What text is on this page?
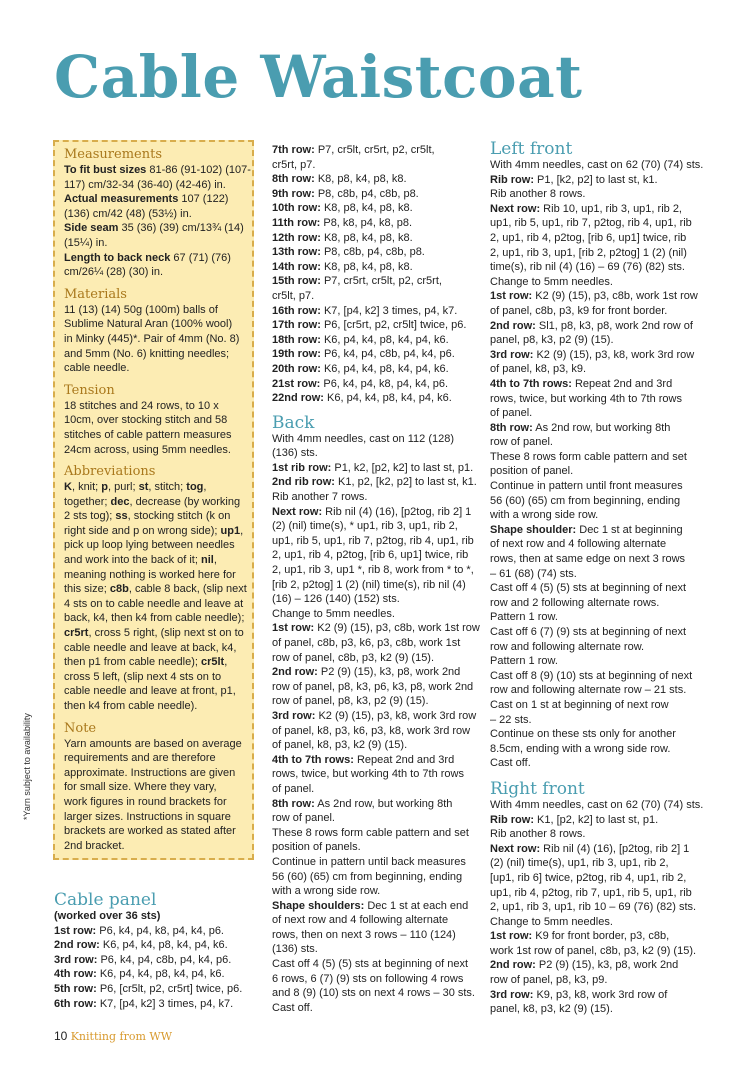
Cable Waistcoat
Measurements
To fit bust sizes 81-86 (91-102) (107-
117) cm/32-34 (36-40) (42-46) in.
Actual measurements 107 (122)
(136) cm/42 (48) (53½) in.
Side seam 35 (36) (39) cm/13¾ (14)
(15¼) in.
Length to back neck 67 (71) (76)
cm/26¼ (28) (30) in.
Materials
11 (13) (14) 50g (100m) balls of
Sublime Natural Aran (100% wool)
in Minky (445)*. Pair of 4mm (No. 8)
and 5mm (No. 6) knitting needles;
cable needle.
Tension
18 stitches and 24 rows, to 10 x
10cm, over stocking stitch and 58
stitches of cable pattern measures
24cm across, using 5mm needles.
Abbreviations
K, knit; p, purl; st, stitch; tog,
together; dec, decrease (by working
2 sts tog); ss, stocking stitch (k on
right side and p on wrong side); up1,
pick up loop lying between needles
and work into the back of it; nil,
meaning nothing is worked here for
this size; c8b, cable 8 back, (slip next
4 sts on to cable needle and leave at
back, k4, then k4 from cable needle);
cr5rt, cross 5 right, (slip next st on to
cable needle and leave at back, k4,
then p1 from cable needle); cr5lt,
cross 5 left, (slip next 4 sts on to
cable needle and leave at front, p1,
then k4 from cable needle).
Note
Yarn amounts are based on average
requirements and are therefore
approximate. Instructions are given
for small size. Where they vary,
work figures in round brackets for
larger sizes. Instructions in square
brackets are worked as stated after
2nd bracket.
*Yarn subject to availability
Cable panel
(worked over 36 sts)
1st row: P6, k4, p4, k8, p4, k4, p6.
2nd row: K6, p4, k4, p8, k4, p4, k6.
3rd row: P6, k4, p4, c8b, p4, k4, p6.
4th row: K6, p4, k4, p8, k4, p4, k6.
5th row: P6, [cr5lt, p2, cr5rt] twice, p6.
6th row: K7, [p4, k2] 3 times, p4, k7.
7th row: P7, cr5lt, cr5rt, p2, cr5lt,
cr5rt, p7.
8th row: K8, p8, k4, p8, k8.
9th row: P8, c8b, p4, c8b, p8.
10th row: K8, p8, k4, p8, k8.
11th row: P8, k8, p4, k8, p8.
12th row: K8, p8, k4, p8, k8.
13th row: P8, c8b, p4, c8b, p8.
14th row: K8, p8, k4, p8, k8.
15th row: P7, cr5rt, cr5lt, p2, cr5rt,
cr5lt, p7.
16th row: K7, [p4, k2] 3 times, p4, k7.
17th row: P6, [cr5rt, p2, cr5lt] twice, p6.
18th row: K6, p4, k4, p8, k4, p4, k6.
19th row: P6, k4, p4, c8b, p4, k4, p6.
20th row: K6, p4, k4, p8, k4, p4, k6.
21st row: P6, k4, p4, k8, p4, k4, p6.
22nd row: K6, p4, k4, p8, k4, p4, k6.
Back
With 4mm needles, cast on 112 (128)
(136) sts.
1st rib row: P1, k2, [p2, k2] to last st, p1.
2nd rib row: K1, p2, [k2, p2] to last st, k1.
Rib another 7 rows.
Next row: Rib nil (4) (16), [p2tog, rib 2] 1
(2) (nil) time(s), * up1, rib 3, up1, rib 2,
up1, rib 5, up1, rib 7, p2tog, rib 4, up1, rib
2, up1, rib 4, p2tog, [rib 6, up1] twice, rib
2, up1, rib 3, up1 *, rib 8, work from * to *,
[rib 2, p2tog] 1 (2) (nil) time(s), rib nil (4)
(16) – 126 (140) (152) sts.
Change to 5mm needles.
1st row: K2 (9) (15), p3, c8b, work 1st row
of panel, c8b, p3, k6, p3, c8b, work 1st
row of panel, c8b, p3, k2 (9) (15).
2nd row: P2 (9) (15), k3, p8, work 2nd
row of panel, p8, k3, p6, k3, p8, work 2nd
row of panel, p8, k3, p2 (9) (15).
3rd row: K2 (9) (15), p3, k8, work 3rd row
of panel, k8, p3, k6, p3, k8, work 3rd row
of panel, k8, p3, k2 (9) (15).
4th to 7th rows: Repeat 2nd and 3rd
rows, twice, but working 4th to 7th rows
of panel.
8th row: As 2nd row, but working 8th
row of panel.
These 8 rows form cable pattern and set
position of panels.
Continue in pattern until back measures
56 (60) (65) cm from beginning, ending
with a wrong side row.
Shape shoulders: Dec 1 st at each end
of next row and 4 following alternate
rows, then on next 3 rows – 110 (124)
(136) sts.
Cast off 4 (5) (5) sts at beginning of next
6 rows, 6 (7) (9) sts on following 4 rows
and 8 (9) (10) sts on next 4 rows – 30 sts.
Cast off.
Left front
With 4mm needles, cast on 62 (70) (74) sts.
Rib row: P1, [k2, p2] to last st, k1.
Rib another 8 rows.
Next row: Rib 10, up1, rib 3, up1, rib 2,
up1, rib 5, up1, rib 7, p2tog, rib 4, up1, rib
2, up1, rib 4, p2tog, [rib 6, up1] twice, rib
2, up1, rib 3, up1, [rib 2, p2tog] 1 (2) (nil)
time(s), rib nil (4) (16) – 69 (76) (82) sts.
Change to 5mm needles.
1st row: K2 (9) (15), p3, c8b, work 1st row
of panel, c8b, p3, k9 for front border.
2nd row: Sl1, p8, k3, p8, work 2nd row of
panel, p8, k3, p2 (9) (15).
3rd row: K2 (9) (15), p3, k8, work 3rd row
of panel, k8, p3, k9.
4th to 7th rows: Repeat 2nd and 3rd
rows, twice, but working 4th to 7th rows
of panel.
8th row: As 2nd row, but working 8th
row of panel.
These 8 rows form cable pattern and set
position of panel.
Continue in pattern until front measures
56 (60) (65) cm from beginning, ending
with a wrong side row.
Shape shoulder: Dec 1 st at beginning
of next row and 4 following alternate
rows, then at same edge on next 3 rows
– 61 (68) (74) sts.
Cast off 4 (5) (5) sts at beginning of next
row and 2 following alternate rows.
Pattern 1 row.
Cast off 6 (7) (9) sts at beginning of next
row and following alternate row.
Pattern 1 row.
Cast off 8 (9) (10) sts at beginning of next
row and following alternate row – 21 sts.
Cast on 1 st at beginning of next row
– 22 sts.
Continue on these sts only for another
8.5cm, ending with a wrong side row.
Cast off.
Right front
With 4mm needles, cast on 62 (70) (74) sts.
Rib row: K1, [p2, k2] to last st, p1.
Rib another 8 rows.
Next row: Rib nil (4) (16), [p2tog, rib 2] 1
(2) (nil) time(s), up1, rib 3, up1, rib 2,
[up1, rib 6] twice, p2tog, rib 4, up1, rib 2,
up1, rib 4, p2tog, rib 7, up1, rib 5, up1, rib
2, up1, rib 3, up1, rib 10 – 69 (76) (82) sts.
Change to 5mm needles.
1st row: K9 for front border, p3, c8b,
work 1st row of panel, c8b, p3, k2 (9) (15).
2nd row: P2 (9) (15), k3, p8, work 2nd
row of panel, p8, k3, p9.
3rd row: K9, p3, k8, work 3rd row of
panel, k8, p3, k2 (9) (15).
10 Knitting from WW
